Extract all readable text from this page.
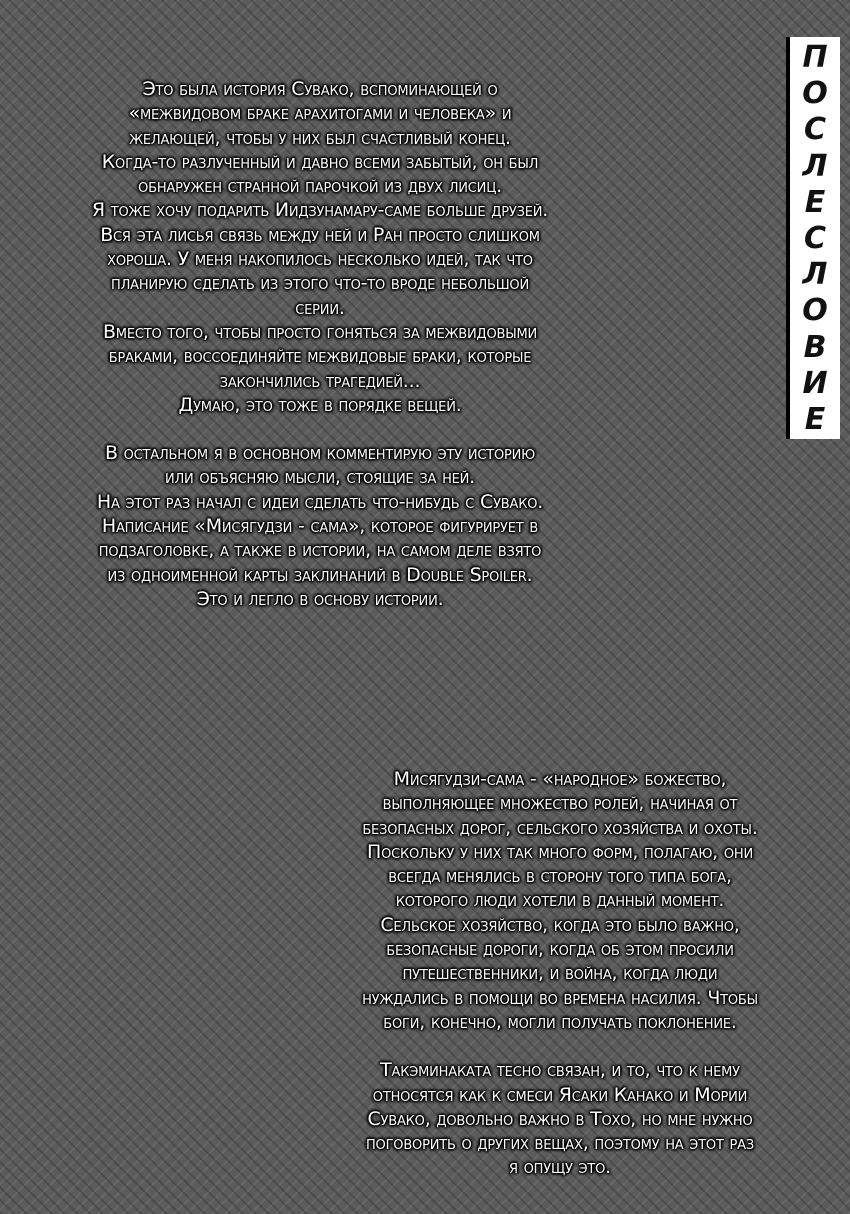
П
О
С
Л
Е
С
Л
О
В
И
Е
Это была история Сувако, вспоминающей о
«межвидовом браке арахитогами и человека» и
желающей, чтобы у них был счастливый конец.
Когда-то разлученный и давно всеми забытый, он был
обнаружен странной парочкой из двух лисиц.
Я тоже хочу подарить Иидзунамару-саме больше друзей.
Вся эта лисья связь между ней и Ран просто слишком
хороша. У меня накопилось несколько идей, так что
планирую сделать из этого что-то вроде небольшой
серии.
Вместо того, чтобы просто гоняться за межвидовыми
браками, воссоединяйте межвидовые браки, которые
закончились трагедией...
Думаю, это тоже в порядке вещей.
В остальном я в основном комментирую эту историю
или объясняю мысли, стоящие за ней.
На этот раз начал с идеи сделать что-нибудь с Сувако.
Написание «Мисягудзи - сама», которое фигурирует в
подзаголовке, а также в истории, на самом деле взято
из одноименной карты заклинаний в Double Spoiler.
Это и легло в основу истории.
Мисягудзи-сама - «народное» божество,
выполняющее множество ролей, начиная от
безопасных дорог, сельского хозяйства и охоты.
Поскольку у них так много форм, полагаю, они
всегда менялись в сторону того типа бога,
которого люди хотели в данный момент.
Сельское хозяйство, когда это было важно,
безопасные дороги, когда об этом просили
путешественники, и война, когда люди
нуждались в помощи во времена насилия. Чтобы
боги, конечно, могли получать поклонение.
Такэминаката тесно связан, и то, что к нему
относятся как к смеси Ясаки Канако и Мории
Сувако, довольно важно в Тохо, но мне нужно
поговорить о других вещах, поэтому на этот раз
я опущу это.
